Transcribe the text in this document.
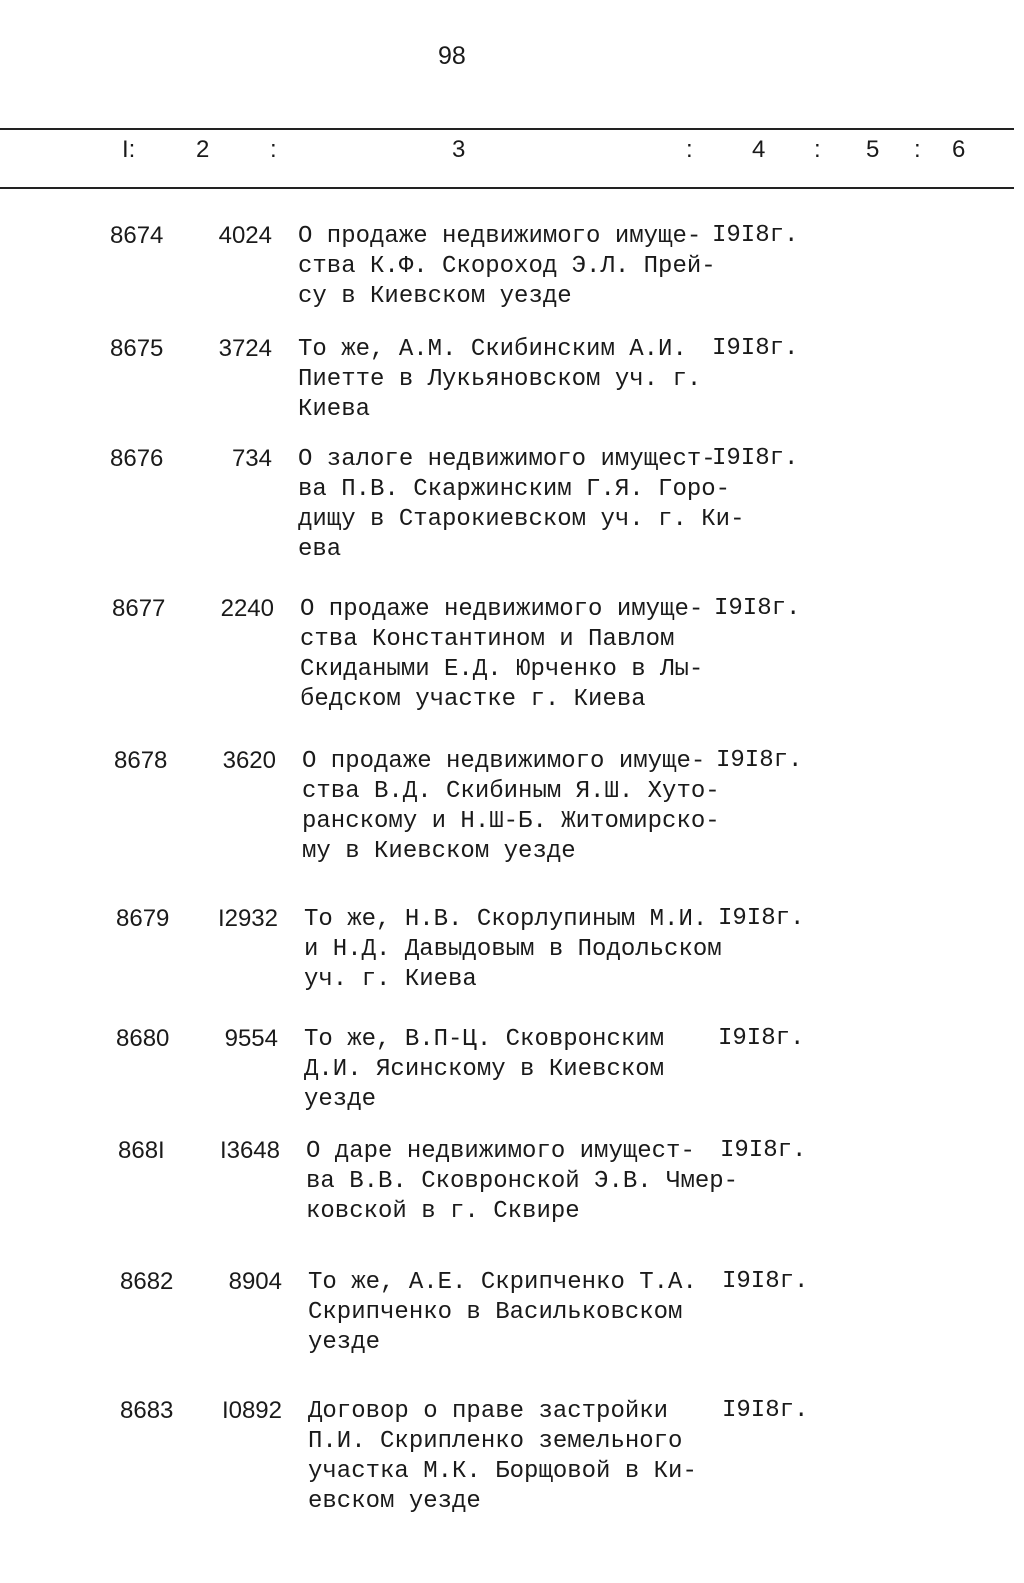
98
I:	2	:	3	: 4 : 5 : 6
8674 4024 О продаже недвижимого имуще-
ства К.Ф. Скороход Э.Л. Прей-
су в Киевском уезде
I9I8г.
8675 3724 То же, А.М. Скибинским А.И.
Пиетте в Лукьяновском уч. г.
Киева
I9I8г.
8676	734 О залоге недвижимого имущест-
ва П.В. Скаржинским Г.Я. Горо-
дищу в Старокиевском уч. г. Ки-
ева
I9I8г.
8677 2240 О продаже недвижимого имуще-
ства Константином и Павлом
Скидаными Е.Д. Юрченко в Лы-
бедском участке г. Киева
I9I8г.
8678 3620 О продаже недвижимого имуще-
ства В.Д. Скибиным Я.Ш. Хуто-
ранскому и Н.Ш-Б. Житомирско-
му в Киевском уезде
I9I8г.
8679 I2932 То же, Н.В. Скорлупиным М.И.
и Н.Д. Давыдовым в Подольском
уч. г. Киева
I9I8г.
8680 9554 То же, В.П-Ц. Сковронским
Д.И. Ясинскому в Киевском
уезде
I9I8г.
868I I3648 О даре недвижимого имущест-
ва В.В. Сковронской Э.В. Чмер-
ковской в г. Сквире
I9I8г.
8682 8904 То же, А.Е. Скрипченко Т.А.
Скрипченко в Васильковском
уезде
I9I8г.
8683 I0892 Договор о праве застройки
П.И. Скрипленко земельного
участка М.К. Борщовой в Ки-
евском уезде
I9I8г.
